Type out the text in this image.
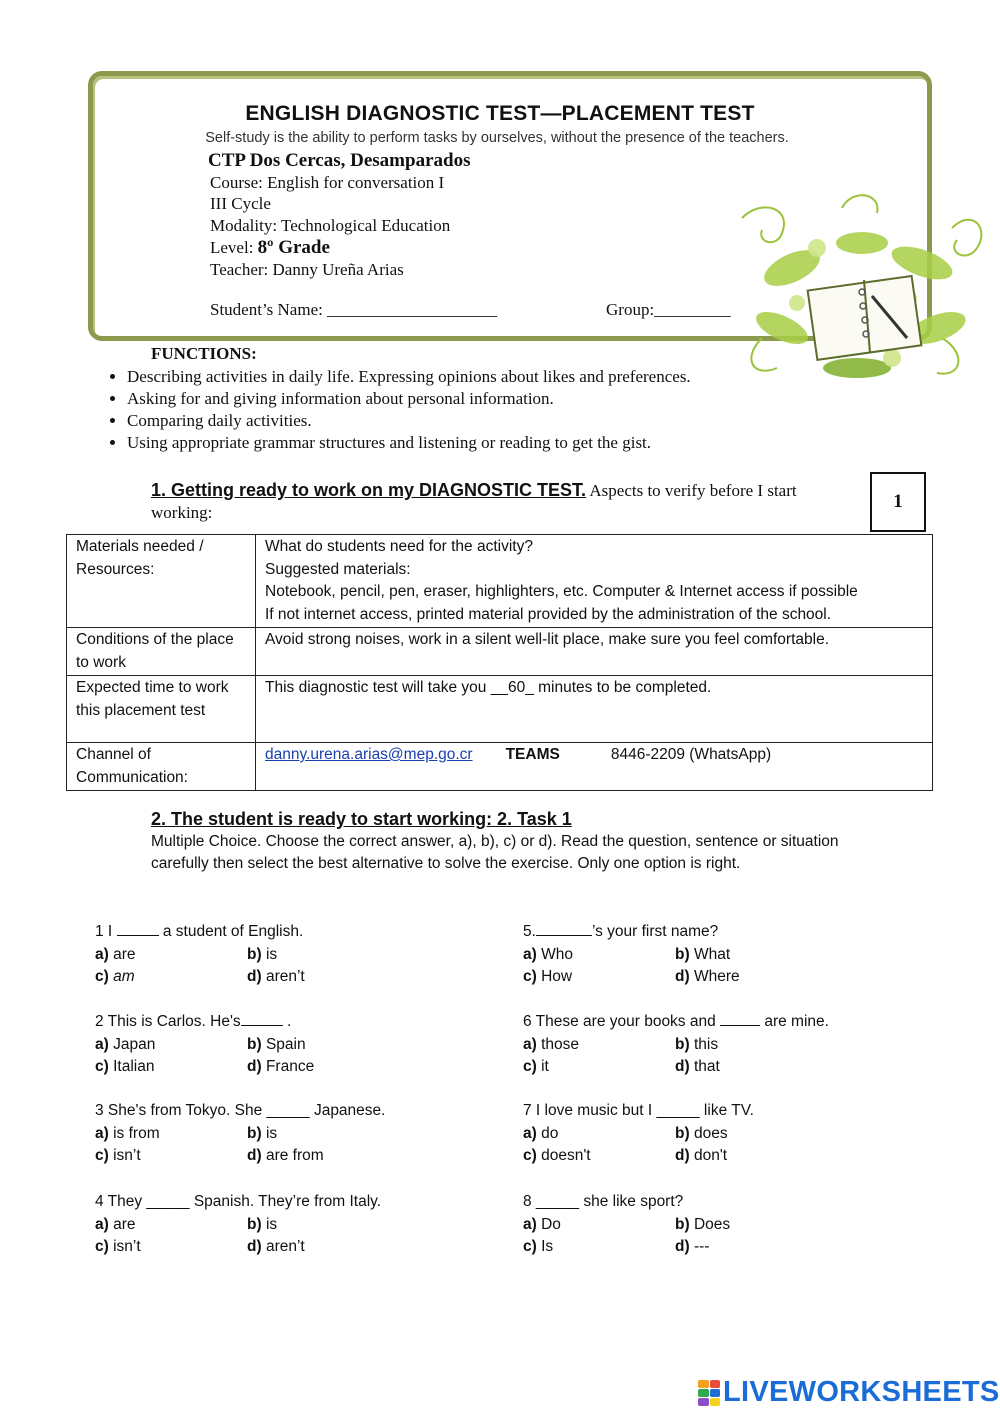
ENGLISH DIAGNOSTIC TEST—PLACEMENT TEST
Self-study is the ability to perform tasks by ourselves, without the presence of the teachers.
CTP Dos Cercas, Desamparados
Course: English for conversation I
III Cycle
Modality: Technological Education
Level: 8º Grade
Teacher: Danny Ureña Arias
Student’s Name: ____________________	Group:_________
FUNCTIONS:
• Describing activities in daily life. Expressing opinions about likes and preferences.
• Asking for and giving information about personal information.
• Comparing daily activities.
• Using appropriate grammar structures and listening or reading to get the gist.
1. Getting ready to work on my DIAGNOSTIC TEST. Aspects to verify before I start working:
1
Materials needed / Resources:	What do students need for the activity?
Suggested materials:
Notebook, pencil, pen, eraser, highlighters, etc. Computer & Internet access if possible
If not internet access, printed material provided by the administration of the school.

Conditions of the place to work	Avoid strong noises, work in a silent well-lit place, make sure you feel comfortable.
Expected time to work this placement test	This diagnostic test will take you __60_ minutes to be completed.
Channel of Communication:	danny.urena.arias@mep.go.cr TEAMS 8446-2209 (WhatsApp)
2. The student is ready to start working: 2. Task 1
Multiple Choice. Choose the correct answer, a), b), c) or d). Read the question, sentence or situation carefully then select the best alternative to solve the exercise. Only one option is right.
1 I	a student of English.
a) are	b) is
c) am	d) aren’t
2 This is Carlos. He's	.
a) Japan	b) Spain
c) Italian	d) France
3 She's from Tokyo. She _____ Japanese.
a) is from	b) is
c) isn’t	d) are from
4 They _____ Spanish. They’re from Italy.
a) are	b) is
c) isn’t	d) aren’t
5.	’s your first name?
a) Who	b) What
c) How	d) Where
6 These are your books and	are mine.
a) those	b) this
c) it	d) that
7 I love music but I _____ like TV.
a) do	b) does
c) doesn't	d) don't
8 _____ she like sport?
a) Do	b) Does
c) Is	d) ---
LIVEWORKSHEETS
